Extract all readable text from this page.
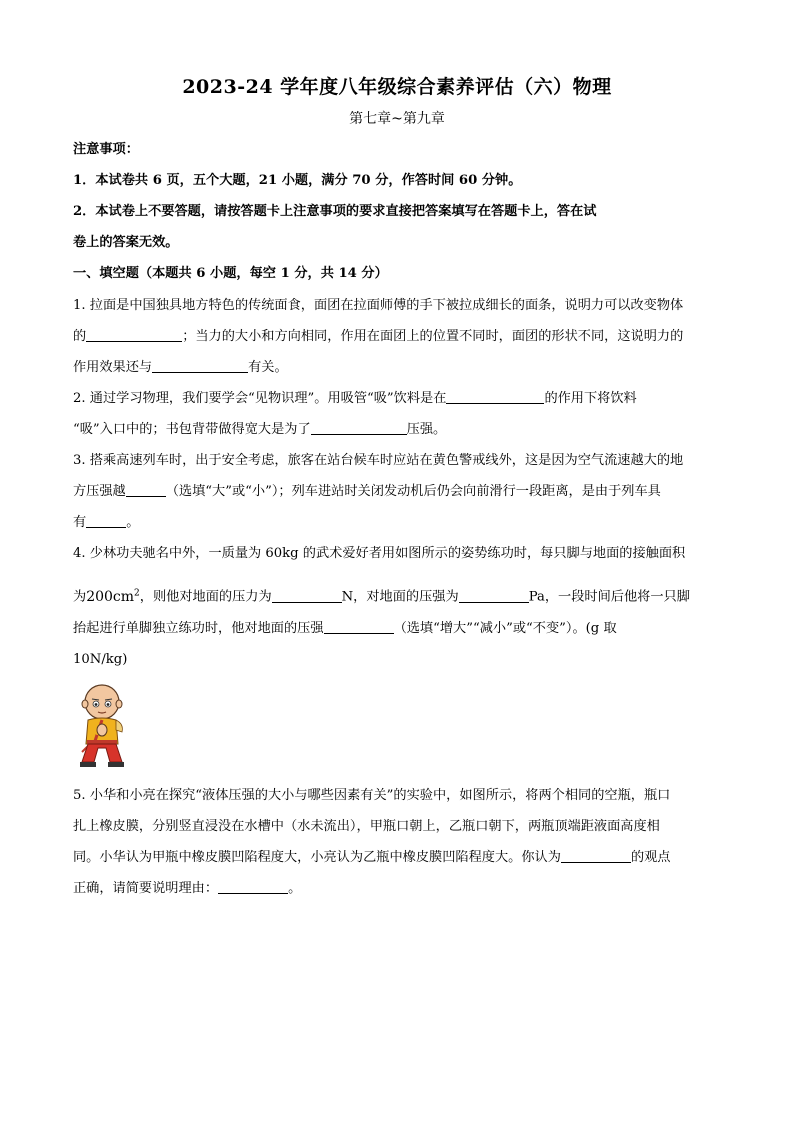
2023-24 学年度八年级综合素养评估（六）物理
第七章~第九章
注意事项：
1．本试卷共 6 页，五个大题，21 小题，满分 70 分，作答时间 60 分钟。
2．本试卷上不要答题，请按答题卡上注意事项的要求直接把答案填写在答题卡上，答在试
卷上的答案无效。
一、填空题（本题共 6 小题，每空 1 分，共 14 分）
1. 拉面是中国独具地方特色的传统面食，面团在拉面师傅的手下被拉成细长的面条，说明力可以改变物体
的	；当力的大小和方向相同，作用在面团上的位置不同时，面团的形状不同，这说明力的
作用效果还与	有关。
2. 通过学习物理，我们要学会“见物识理”。用吸管“吸”饮料是在	的作用下将饮料
“吸”入口中的；书包背带做得宽大是为了	压强。
3. 搭乘高速列车时，出于安全考虑，旅客在站台候车时应站在黄色警戒线外，这是因为空气流速越大的地
方压强越	（选填“大”或“小”）；列车进站时关闭发动机后仍会向前滑行一段距离，是由于列车具
有	。
4. 少林功夫驰名中外，一质量为 60kg 的武术爱好者用如图所示的姿势练功时，每只脚与地面的接触面积
为$200cm^2$，则他对地面的压力为	N，对地面的压强为	Pa，一段时间后他将一只脚
抬起进行单脚独立练功时，他对地面的压强	（选填“增大”“减小”或“不变”）。(g 取
10N/kg)
5. 小华和小亮在探究“液体压强的大小与哪些因素有关”的实验中，如图所示，将两个相同的空瓶，瓶口
扎上橡皮膜，分别竖直浸没在水槽中（水未流出），甲瓶口朝上，乙瓶口朝下，两瓶顶端距液面高度相
同。小华认为甲瓶中橡皮膜凹陷程度大，小亮认为乙瓶中橡皮膜凹陷程度大。你认为	的观点
正确，请简要说明理由：	。
